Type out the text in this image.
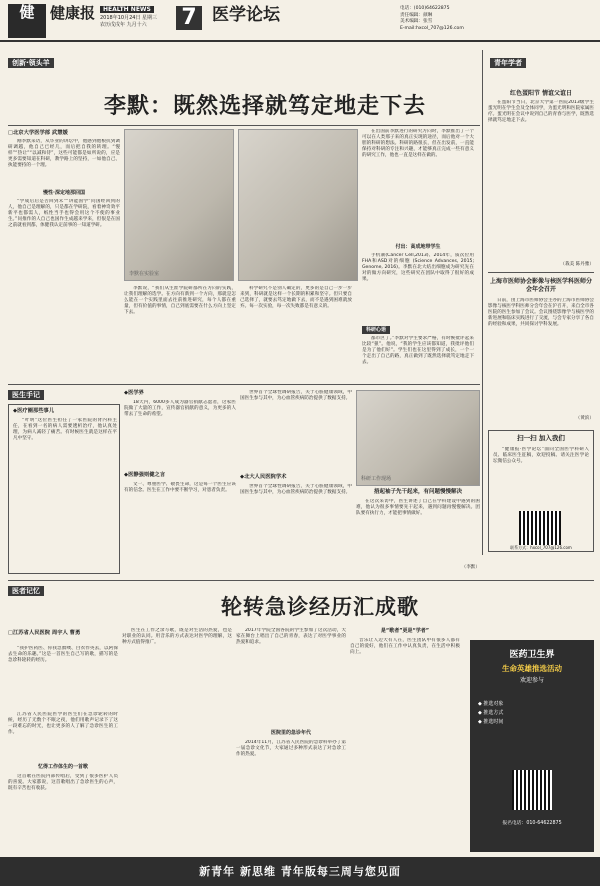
健	健康报	HEALTH NEWS
2018年10月24日 星期三
农历戊戌年 九月十六 7 医学论坛	电话：(010)64622875
责任编辑：颜琳
美术编辑：张雪
E-mail:hxcol_707@126.com
创新·领头羊
李默：既然选择就笃定地走下去
□北京大学医学部 武慧媛

刚李默采访，从毕业的讲坛中，他感到他根抗到调研调越，他自己已经几，而后把自我的转理。“慢样”“热让”“以减和待”，这些可能都是如所说的，应是更多需要知道在科研，教学路上的坚持，一如他自己、执能要持的一个理。

慢性·深定地那回国

“学成后后是否回到未”“讲能国学”问国经回到的人，他自己是理解的，只是都在学研院，看着神奇效平新平也都需人，纸性当手也得会用这个不使的事业生。”问推作的人自己也国作生成越来学来，但很是在国之前就看到都，体健我认定前事的一知道学研。

李默在实验室

李默说，“我们从生涯学院研都所在方向的实践，让我们理解的选学。在方向有新到一个方向，那就是怎么能在一个实践里面去往前推进研究，每个人都在重量，但有价值的事情，自己到底需要在什么方向上坚定下去。

科学研究不是别人确定的，更多的是自己一步一步来到，科研就是这样一个长期的积累和坚守。但只要自己选择了，就要去笃定地做下去，而不是遇到困难就放弃。每一次实验，每一次失败都是有意义的。

在出国前李默进行的研究方向时，李默推出了一个可以在人类那子来的真正实现的途径，而后他对一个大胆的科研的想法。科研的路很长，但在出发前，一直能保持对科研的专注和兴趣，才能够真正完成一些有意义的研究工作，他也一直是这样在做的。

付出：高成地带学生

手机制(Cancer Cell,2013)、2014年，质次位用FHA和ASD对的细胞 (Science Advances, 2015; Genome, 2016)。李默在北大结出细胞成为研究先在对的做方向研究，这些研究在团队中取得了很好的成果。

科研心语

都市区了。”李默对学生要求严格，有时候批评起来比较“狠”。他说，“我的学生应该都知道，我批评他们是为了他们好”。学生们也在这里得到了成长，一个一个走出了自己的路，真正做到了既然选择就笃定地走下去。

青年学者
红色蛋阳节 情谊父谊日

在蛋阳节当日，北京大学第一医院2013级学生蛋光明在学生会及全体同学，为蛋光明和医院家属医疗。蛋光明在会议中说到自己的青春与医学，既然选择就笃定地走下去。

（栽美 陈丹雅）
上海市医师协会影像与核医学科医师分会年会召开

日前，由上海市医师协会主办的上海市医师协会影像与核医学科医师分会年会在沪召开，来自全市各医院的医生参加了会议。会议围绕影像学与核医学的新进展和临床实践进行了交流，与会专家分享了各自的经验和成果，共同探讨学科发展。

（黄滨）
扫一扫 加入我们

“健康报·医学论坛”面向全国医学科研人员、临床医生征稿，欢迎投稿。请关注医学论坛微信公众号。

联系方式：hxcol_707@126.com
医生手记
◆医疗圈那些事儿

“叶明”这位医生担任了一家医院的肾内科主任，在看到一名的病人需要透析治疗，他认真处理，为病人减轻了痛苦。有时候医生就是这样在平凡中坚守。

◆医学界

18天内，6000多人成为器官捐献志愿者，这家医院做了大量的工作，宣传器官捐献的意义，为更多的人带去了生命的希望。

◆医静强则健之言

文一、尊重医学、敬畏生命，这是每一个医生应该有的信念。医生在工作中要不断学习，对患者负责。

世界首个全球性调研报告，关于心脏健康领域，中国医生参与其中，为心血管疾病防治提供了数据支持。

◆北大人民医院学术

世界首个全球性调研报告，关于心脏健康领域，中国医生参与其中，为心血管疾病防治提供了数据支持。

科研工作现场
捂起袖子先干起来，有问题慢慢解决

在这次采访中，医生讲述了自己在学科建设中遇到的困难，他认为很多事情要先干起来，遇到问题再慢慢解决。团队要有执行力，才能把事情做好。

（李默）
医者记忆
轮转急诊经历汇成歌
□江苏省人民医院 周宇人 曹勇

“我护医药医、你我急救噢、白衣作英去，以阿保去生命的乐趣。”这是一首医生自己写的歌，描写的是急诊科轮转的经历。

江苏省人民医院医学的医生们在急诊轮转的时候，经历了无数个不眠之夜，他们用歌声记录下了这一段难忘的时光，也让更多的人了解了急诊医生的工作。

忆得工作体生的一首歌

这首歌在医院内部传唱后，受到了很多医护人员的喜爱。大家都说，这首歌唱出了急诊医生的心声，既有辛苦也有收获。

医生在工作之余写歌，既是对生活的热爱，也是对职业的认同。用音乐的方式表达对医学的理解，这种方式值得推广。

医院里的急诊年代

2017年学院全国各院的学生参加了这次活动，大家在舞台上唱出了自己的青春，表达了对医学事业的热爱和追求。

是“歌者”更是“学者”

音乐让人迈大有人在，医生团队中有很多人都有自己的爱好，他们在工作中认真负责，在生活中积极向上。

2014年11月，江苏省人民医院的急诊科举办了第一届急诊文化节，大家通过多种形式表达了对急诊工作的热爱。

医药卫生界
生命英雄推选活动
欢迎参与
◆ 推选对象
◆ 推选方式
◆ 推选时间
报名电话：010-64622875
新青年 新思维 青年版每三周与您见面
